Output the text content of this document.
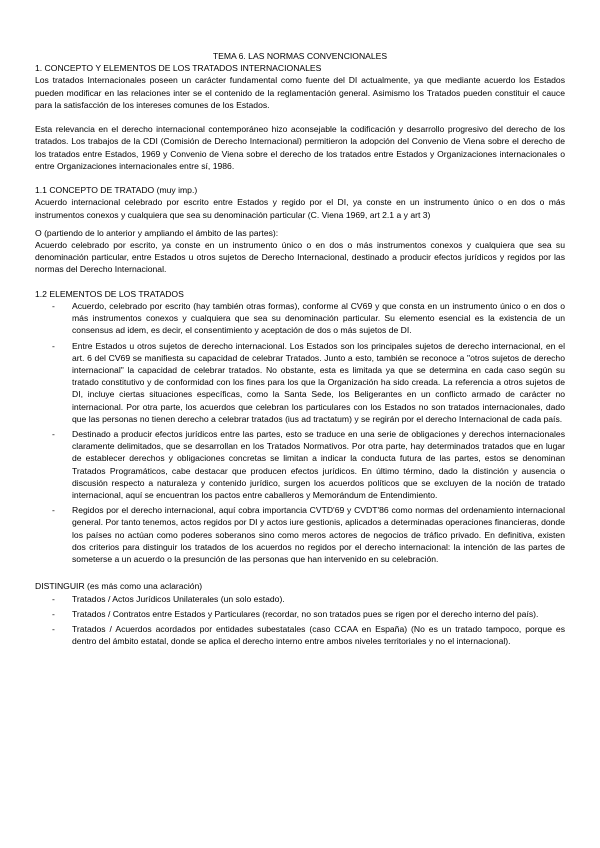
TEMA 6. LAS NORMAS CONVENCIONALES
1. CONCEPTO Y ELEMENTOS DE LOS TRATADOS INTERNACIONALES

Los tratados Internacionales poseen un carácter fundamental como fuente del DI actualmente, ya que mediante acuerdo los Estados pueden modificar en las relaciones inter se el contenido de la reglamentación general. Asimismo los Tratados pueden constituir el cauce para la satisfacción de los intereses comunes de los Estados.

Esta relevancia en el derecho internacional contemporáneo hizo aconsejable la codificación y desarrollo progresivo del derecho de los tratados. Los trabajos de la CDI (Comisión de Derecho Internacional) permitieron la adopción del Convenio de Viena sobre el derecho de los tratados entre Estados, 1969 y Convenio de Viena sobre el derecho de los tratados entre Estados y Organizaciones internacionales o entre Organizaciones internacionales entre sí, 1986.

1.1 CONCEPTO DE TRATADO (muy imp.)

Acuerdo internacional celebrado por escrito entre Estados y regido por el DI, ya conste en un instrumento único o en dos o más instrumentos conexos y cualquiera que sea su denominación particular (C. Viena 1969, art 2.1 a y art 3)

O (partiendo de lo anterior y ampliando el ámbito de las partes):

Acuerdo celebrado por escrito, ya conste en un instrumento único o en dos o más instrumentos conexos y cualquiera que sea su denominación particular, entre Estados u otros sujetos de Derecho Internacional, destinado a producir efectos jurídicos y regidos por las normas del Derecho Internacional.

1.2 ELEMENTOS DE LOS TRATADOS
- Acuerdo, celebrado por escrito (hay también otras formas), conforme al CV69 y que consta en un instrumento único o en dos o más instrumentos conexos y cualquiera que sea su denominación particular. Su elemento esencial es la existencia de un consensus ad idem, es decir, el consentimiento y aceptación de dos o más sujetos de DI.
- Entre Estados u otros sujetos de derecho internacional. Los Estados son los principales sujetos de derecho internacional, en el art. 6 del CV69 se manifiesta su capacidad de celebrar Tratados. Junto a esto, también se reconoce a "otros sujetos de derecho internacional" la capacidad de celebrar tratados. No obstante, esta es limitada ya que se determina en cada caso según su tratado constitutivo y de conformidad con los fines para los que la Organización ha sido creada. La referencia a otros sujetos de DI, incluye ciertas situaciones específicas, como la Santa Sede, los Beligerantes en un conflicto armado de carácter no internacional. Por otra parte, los acuerdos que celebran los particulares con los Estados no son tratados internacionales, dado que las personas no tienen derecho a celebrar tratados (ius ad tractatum) y se regirán por el derecho Internacional de cada país.
- Destinado a producir efectos jurídicos entre las partes, esto se traduce en una serie de obligaciones y derechos internacionales claramente delimitados, que se desarrollan en los Tratados Normativos. Por otra parte, hay determinados tratados que en lugar de establecer derechos y obligaciones concretas se limitan a indicar la conducta futura de las partes, estos se denominan Tratados Programáticos, cabe destacar que producen efectos jurídicos. En último término, dado la distinción y ausencia o discusión respecto a naturaleza y contenido jurídico, surgen los acuerdos políticos que se excluyen de la noción de tratado internacional, aquí se encuentran los pactos entre caballeros y Memorándum de Entendimiento.
- Regidos por el derecho internacional, aquí cobra importancia CVTD'69 y CVDT'86 como normas del ordenamiento internacional general. Por tanto tenemos, actos regidos por DI y actos iure gestionis, aplicados a determinadas operaciones financieras, donde los países no actúan como poderes soberanos sino como meros actores de negocios de tráfico privado. En definitiva, existen dos criterios para distinguir los tratados de los acuerdos no regidos por el derecho internacional: la intención de las partes de someterse a un acuerdo o la presunción de las personas que han intervenido en su celebración.
DISTINGUIR (es más como una aclaración)
- Tratados / Actos Jurídicos Unilaterales (un solo estado).
- Tratados / Contratos entre Estados y Particulares (recordar, no son tratados pues se rigen por el derecho interno del país).
- Tratados / Acuerdos acordados por entidades subestatales (caso CCAA en España) (No es un tratado tampoco, porque es dentro del ámbito estatal, donde se aplica el derecho interno entre ambos niveles territoriales y no el internacional).
